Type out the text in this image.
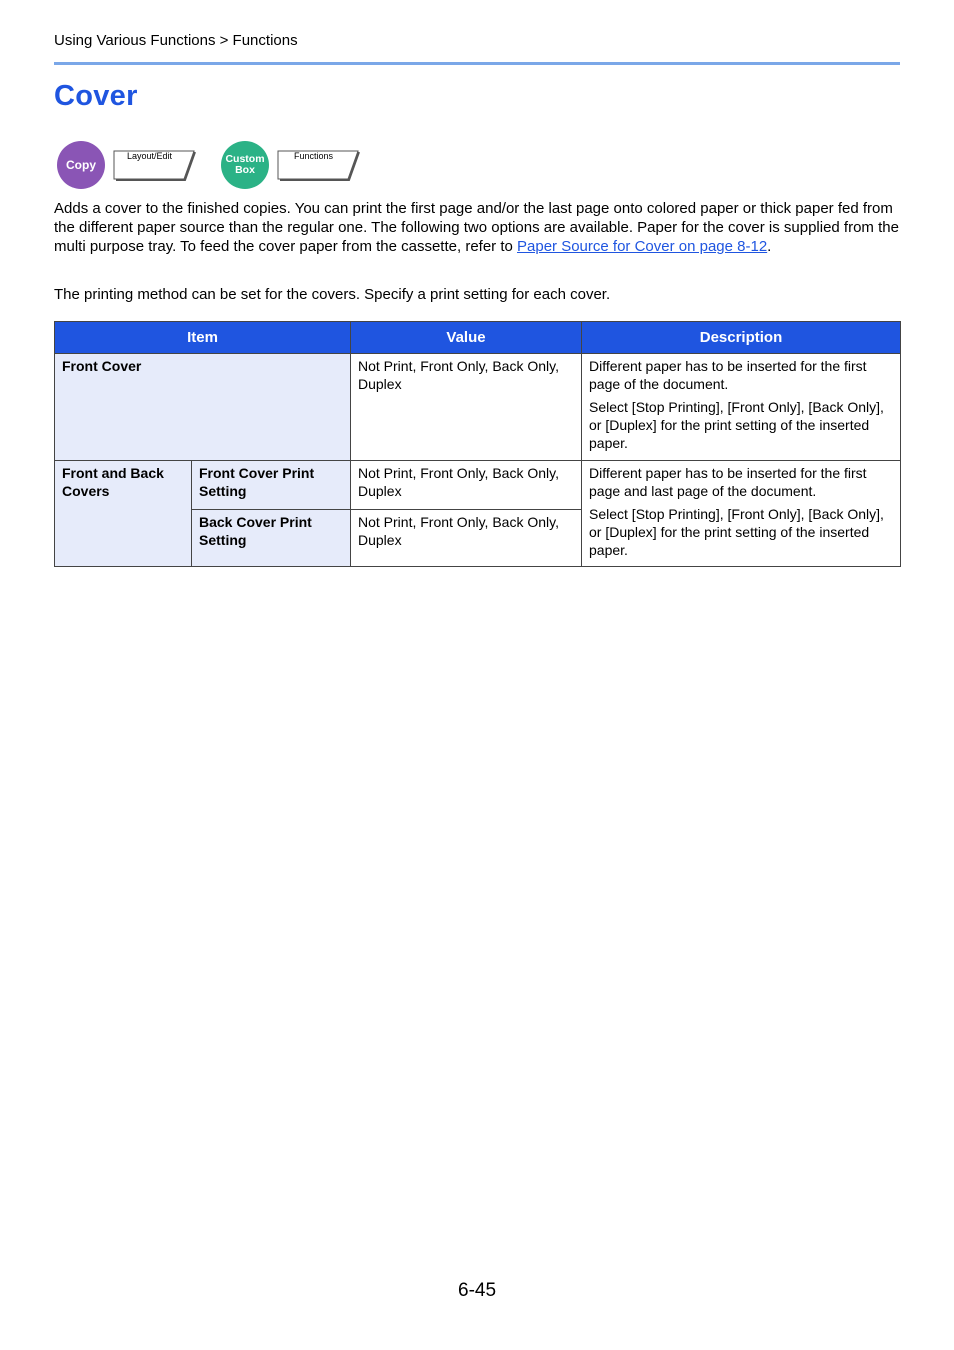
Using Various Functions > Functions
Cover
Copy
Layout/Edit	Custom
Box
Functions

Adds a cover to the finished copies. You can print the first page and/or the last page onto colored paper or thick paper fed from the different paper source than the regular one. The following two options are available. Paper for the cover is supplied from the multi purpose tray. To feed the cover paper from the cassette, refer to Paper Source for Cover on page 8-12.

The printing method can be set for the covers. Specify a print setting for each cover.

Item		Value	Description
Front Cover		Not Print, Front Only, Back Only, Duplex	Different paper has to be inserted for the first page of the document.

Select [Stop Printing], [Front Only], [Back Only], or [Duplex] for the print setting of the inserted paper.

Front and Back Covers	Front Cover Print Setting	Not Print, Front Only, Back Only, Duplex	Different paper has to be inserted for the first page and last page of the document.

Select [Stop Printing], [Front Only], [Back Only], or [Duplex] for the print setting of the inserted paper.

	Back Cover Print Setting	Not Print, Front Only, Back Only, Duplex	
6-45
